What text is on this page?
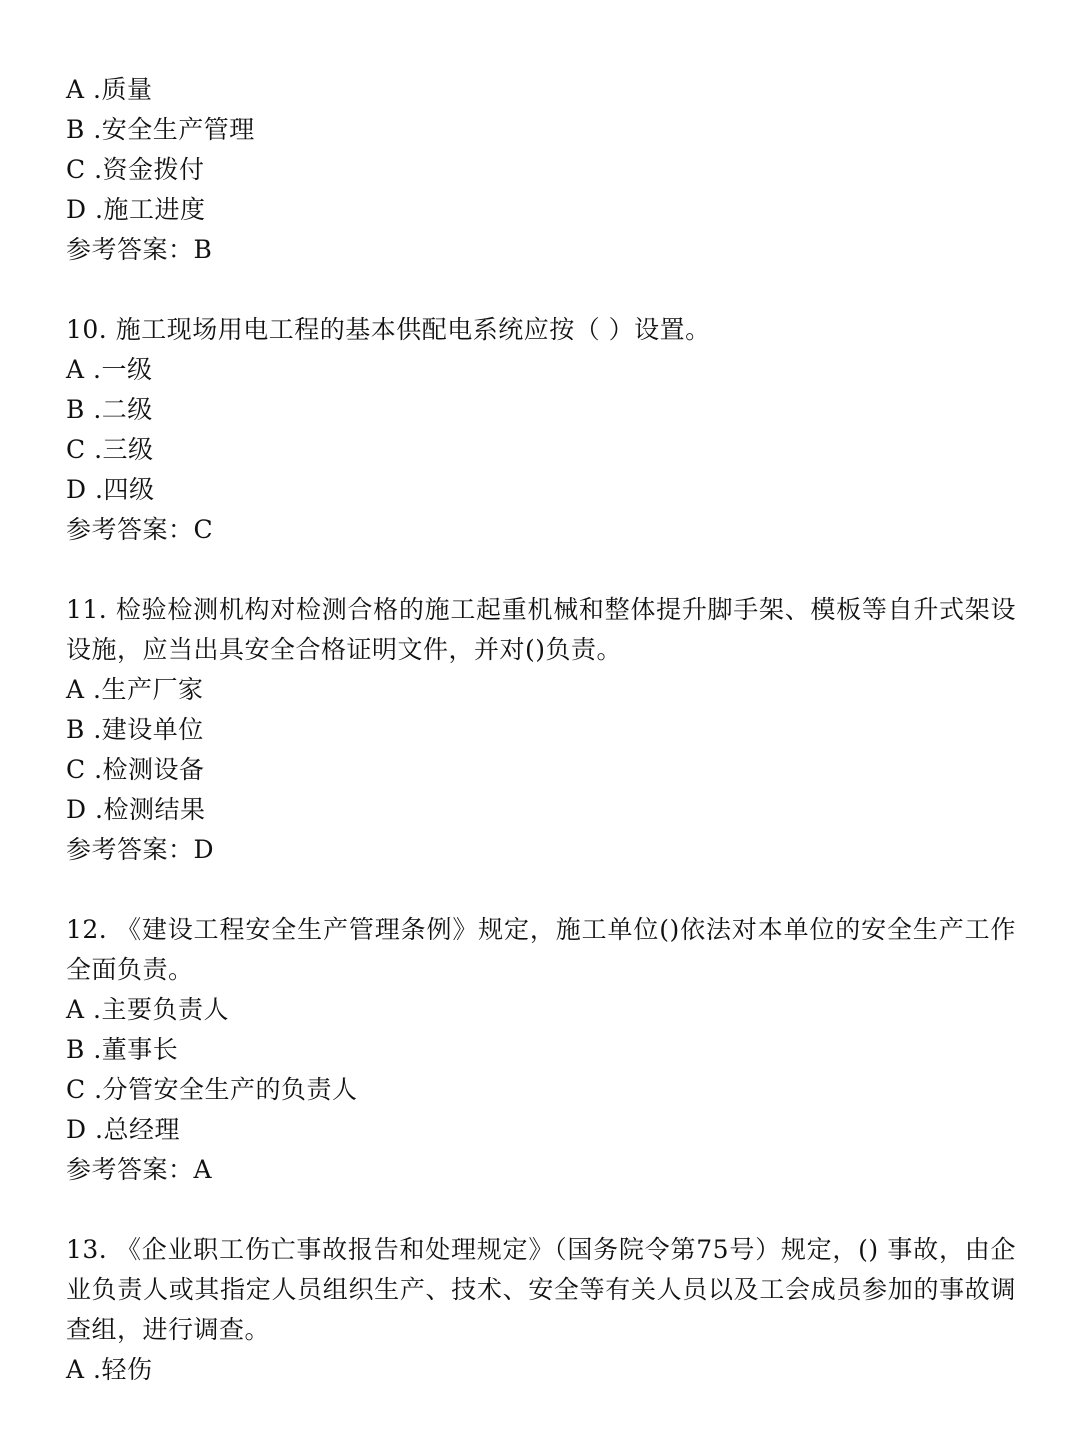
A .质量
B .安全生产管理
C .资金拨付
D .施工进度
参考答案：B
10. 施工现场用电工程的基本供配电系统应按（ ）设置。
A .一级
B .二级
C .三级
D .四级
参考答案：C
11. 检验检测机构对检测合格的施工起重机械和整体提升脚手架、模板等自升式架设设施，应当出具安全合格证明文件，并对()负责。
A .生产厂家
B .建设单位
C .检测设备
D .检测结果
参考答案：D
12. 《建设工程安全生产管理条例》规定，施工单位()依法对本单位的安全生产工作全面负责。
A .主要负责人
B .董事长
C .分管安全生产的负责人
D .总经理
参考答案：A
13. 《企业职工伤亡事故报告和处理规定》（国务院令第75号）规定，() 事故，由企业负责人或其指定人员组织生产、技术、安全等有关人员以及工会成员参加的事故调查组，进行调查。
A .轻伤
